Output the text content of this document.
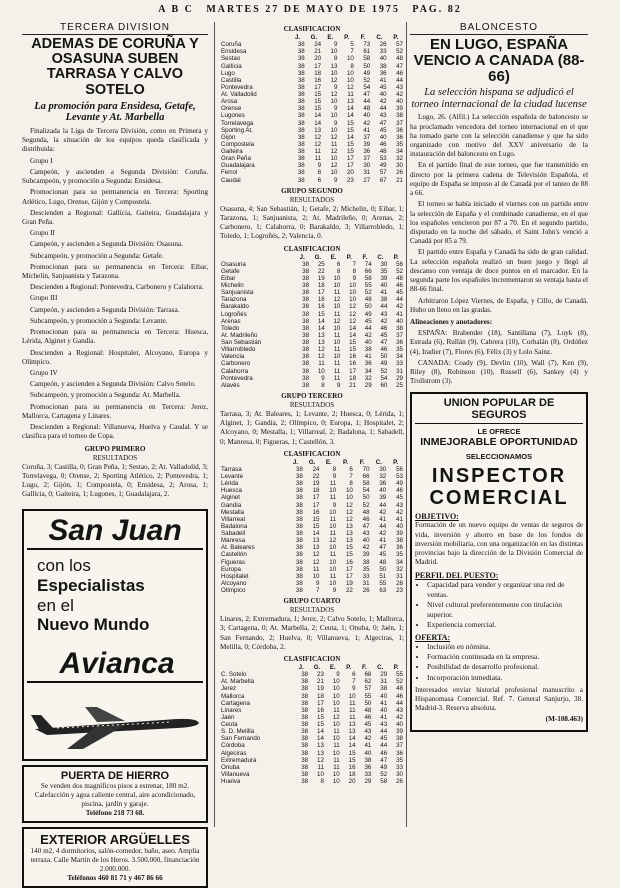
A B C MARTES 27 DE MAYO DE 1975 PAG. 82
TERCERA DIVISION
ADEMAS DE CORUÑA Y OSASUNA SUBEN TARRASA Y CALVO SOTELO
La promoción para Ensidesa, Getafe, Levante y At. Marbella

Finalizada la Liga de Tercera División, como en Primera y Segunda, la situación de los equipos queda clasificada y distribuida:

Grupo I

Campeón, y ascienden a Segunda División: Coruña. Subcampeón, y promoción a Segunda: Ensidesa.

Promocionan para su permanencia en Tercera: Sporting Atlético, Lugo, Orense, Gijón y Compostela.

Descienden a Regional: Gallícia, Gaiteira, Guadalajara y Gran Peña.

Grupo II

Campeón, y ascienden a Segunda División: Osasuna.

Subcampeón, y promoción a Segunda: Getafe.

Promocionan para su permanencia en Tercera: Eibar, Michelin, Sanjuanista y Tarazona.

Descienden a Regional: Pontevedra, Carbonero y Calahorra.

Grupo III

Campeón, y ascienden a Segunda División: Tarrasa.

Subcampeón, y promoción a Segunda: Levante.

Promocionan para su permanencia en Tercera: Huesca, Lérida, Alginet y Gandía.

Descienden a Regional: Hospitalet, Alcoyano, Europa y Olímpico.

Grupo IV

Campeón, y ascienden a Segunda División: Calvo Sotelo.

Subcampeón, y promoción a Segunda: At. Marbella.

Promocionan para su permanencia en Tercera: Jerez, Mallorca, Cartagena y Linares.

Descienden a Regional: Villanueva, Huelva y Caudal. Y se clasifica para el torneo de Copa.

GRUPO PRIMERO
RESULTADOS

Coruña, 3; Castilla, 0; Gran Peña, 1; Sestao, 2; At. Valladolid, 3; Torrelavega, 0; Orense, 2; Sporting Atlético, 2; Pontevedra, 1; Lugo, 2; Gijón, 1; Compostela, 0; Ensidesa, 2; Arosa, 1; Gallícia, 0; Gaiteira, 1; Lugones, 1; Guadalajara, 2.

San Juan
con los
Especialistas
en el
Nuevo Mundo
Avianca
PUERTA DE HIERRO
Se venden dos magníficos pisos a estrenar, 180 m2. Calefacción y agua caliente central, aire acondicionado, piscina, jardín y garaje.
Teléfono 218 73 68.
EXTERIOR ARGÜELLES
140 m2, 4 dormitorios, salón-comedor, baño, aseo. Amplia terraza. Calle Martín de los Heros. 3.500.000, financiación 2.000.000.
Teléfonos 460 81 71 y 467 86 66
CLASIFICACION
	J.	G.	E.	P.	F.	C.	P.
Coruña	38	24	9	5	73	26	57
Ensidesa	38	21	10	7	61	33	52
Sestao	38	20	8	10	58	40	48
Gallícia	38	17	13	8	50	38	47
Lugo	38	18	10	10	49	36	46
Castilla	38	16	12	10	52	41	44
Pontevedra	38	17	9	12	54	45	43
At. Valladolid	38	15	12	11	47	40	42
Arosa	38	15	10	13	44	42	40
Orense	38	15	9	14	48	44	39
Lugones	38	14	10	14	40	43	38
Torrelavega	38	14	9	15	42	47	37
Sporting At.	38	13	10	15	41	45	36
Gijón	38	12	12	14	37	40	36
Compostela	38	12	11	15	39	46	35
Gaiteira	38	11	12	15	36	48	34
Gran Peña	38	11	10	17	37	53	32
Guadalajara	38	9	12	17	30	49	30
Ferrol	38	8	10	20	31	57	26
Caudal	38	6	9	23	27	67	21
GRUPO SEGUNDO
RESULTADOS

Osasuna, 4; San Sebastián, 1; Getafe, 2; Michelin, 0; Eibar, 1; Tarazona, 1; Sanjuanista, 2; At. Madrileño, 0; Arenas, 2; Carbonero, 1; Calahorra, 0; Barakaldo, 3; Villarrobledo, 1; Toledo, 1; Logroñés, 2; Valencia, 0.

CLASIFICACION
	J.	G.	E.	P.	F.	C.	P.
Osasuna	38	25	6	7	74	30	56
Getafe	38	22	8	8	66	35	52
Eibar	38	19	10	9	58	39	48
Michelin	38	18	10	10	55	40	46
Sanjuanista	38	17	11	10	52	41	45
Tarazona	38	16	12	10	48	38	44
Barakaldo	38	16	10	12	50	44	42
Logroñés	38	15	11	12	49	43	41
Arenas	38	14	12	12	45	42	40
Toledo	38	14	10	14	44	46	38
At. Madrileño	38	13	11	14	42	45	37
San Sebastián	38	13	10	15	40	47	36
Villarrobledo	38	12	11	15	38	46	35
Valencia	38	12	10	16	41	50	34
Carbonero	38	11	11	16	36	49	33
Calahorra	38	10	11	17	34	52	31
Pontevedra	38	9	11	18	32	54	29
Alavés	38	8	9	21	29	60	25
GRUPO TERCERO
RESULTADOS

Tarrasa, 3; At. Baleares, 1; Levante, 2; Huesca, 0; Lérida, 1; Alginet, 1; Gandía, 2; Olímpico, 0; Europa, 1; Hospitalet, 2; Alcoyano, 0; Mestalla, 1; Villarreal, 2; Badalona, 1; Sabadell, 0; Manresa, 0; Figueras, 1; Castellón, 3.

CLASIFICACION
	J.	G.	E.	P.	F.	C.	P.
Tarrasa	38	24	8	6	70	30	56
Levante	38	22	9	7	66	32	53
Lérida	38	19	11	8	58	36	49
Huesca	38	18	10	10	54	40	46
Alginet	38	17	11	10	50	39	45
Gandía	38	17	9	12	52	44	43
Mestalla	38	16	10	12	48	42	42
Villarreal	38	15	11	12	46	41	41
Badalona	38	15	10	13	47	44	40
Sabadell	38	14	11	13	43	42	39
Manresa	38	13	12	13	40	41	38
At. Baleares	38	13	10	15	42	47	36
Castellón	38	12	11	15	39	45	35
Figueras	38	12	10	16	38	48	34
Europa	38	11	10	17	35	50	32
Hospitalet	38	10	11	17	33	51	31
Alcoyano	38	9	10	19	31	55	28
Olímpico	38	7	9	22	26	63	23
GRUPO CUARTO
RESULTADOS

Linares, 2; Extremadura, 1; Jerez, 2; Calvo Sotelo, 1; Mallorca, 3; Cartagena, 0; At. Marbella, 2; Ceuta, 1; Onuba, 0; Jaén, 1; San Fernando, 2; Huelva, 0; Villanueva, 1; Algeciras, 1; Melilla, 0; Córdoba, 2.

CLASIFICACION
	J.	G.	E.	P.	F.	C.	P.
C. Sotelo	38	23	9	6	68	29	55
At. Marbella	38	21	10	7	62	31	52
Jerez	38	19	10	9	57	38	48
Mallorca	38	18	10	10	55	40	46
Cartagena	38	17	10	11	50	41	44
Linares	38	16	11	11	48	40	43
Jaén	38	15	12	11	46	41	42
Ceuta	38	15	10	13	45	43	40
S. D. Melilla	38	14	11	13	43	44	39
San Fernando	38	14	10	14	42	45	38
Córdoba	38	13	11	14	41	44	37
Algeciras	38	13	10	15	40	46	36
Extremadura	38	12	11	15	38	47	35
Onuba	38	11	11	16	36	49	33
Villanueva	38	10	10	18	33	52	30
Huelva	38	8	10	20	29	58	26
BALONCESTO
EN LUGO, ESPAÑA VENCIO A CANADA (88-66)
La selección hispana se adjudicó el torneo internacional de la ciudad lucense

Lugo, 26. (Alfil.) La selección española de baloncesto se ha proclamado vencedora del torneo internacional en el que ha tomado parte con la selección canadiense y que ha sido organizado con motivo del XXV aniversario de la instauración del baloncesto en Lugo.

En el partido final de este torneo, que fue transmitido en directo por la primera cadena de Televisión Española, el equipo de España se impuso al de Canadá por el tanteo de 88 a 66.

El torneo se había iniciado el viernes con un partido entre la selección de España y el combinado canadiense, en el que los españoles vencieron por 87 a 70. En el segundo partido, disputado en la noche del sábado, el Saint John's venció a Canadá por 85 a 79.

El partido entre España y Canadá ha sido de gran calidad. La selección española realizó un buen juego y llegó al descanso con ventaja de doce puntos en el marcador. En la segunda parte los españoles incrementaron su ventaja hasta el 88-66 final.

Arbitraron López Viernes, de España, y Cillo, de Canadá. Hubo un lleno en las gradas.

Alineaciones y anotadores:

ESPAÑA: Brabender (18), Santillana (7), Luyk (8), Estrada (6), Rullán (9), Cabrera (10), Corbalán (8), Ordóñez (4), Iradier (7), Flores (6), Félix (3) y Lolo Sainz.

CANADA: Coady (9), Devlin (10), Wall (7), Ken (9), Riley (8), Robinson (10), Russell (6), Sankey (4) y Trollstrom (3).

UNION POPULAR DE SEGUROS
LE OFRECE
INMEJORABLE OPORTUNIDAD
SELECCIONAMOS
INSPECTOR
COMERCIAL
OBJETIVO:

Formación de un nuevo equipo de ventas de seguros de vida, inversión y ahorro en base de los fondos de inversión mobiliaria, con una organización en las distintas provincias bajo la dirección de la División Comercial de Madrid.

PERFIL DEL PUESTO:
• Capacidad para vender y organizar una red de ventas.
• Nivel cultural preferentemente con titulación superior.
• Experiencia comercial.
OFERTA:
• Inclusión en nómina.
• Formación continuada en la empresa.
• Posibilidad de desarrollo profesional.
• Incorporación inmediata.

Interesados enviar historial profesional manuscrito a Hispanomasa Comercial. Ref. 7. General Sanjurjo, 38. Madrid-3. Reserva absoluta.

(M-108.463)
